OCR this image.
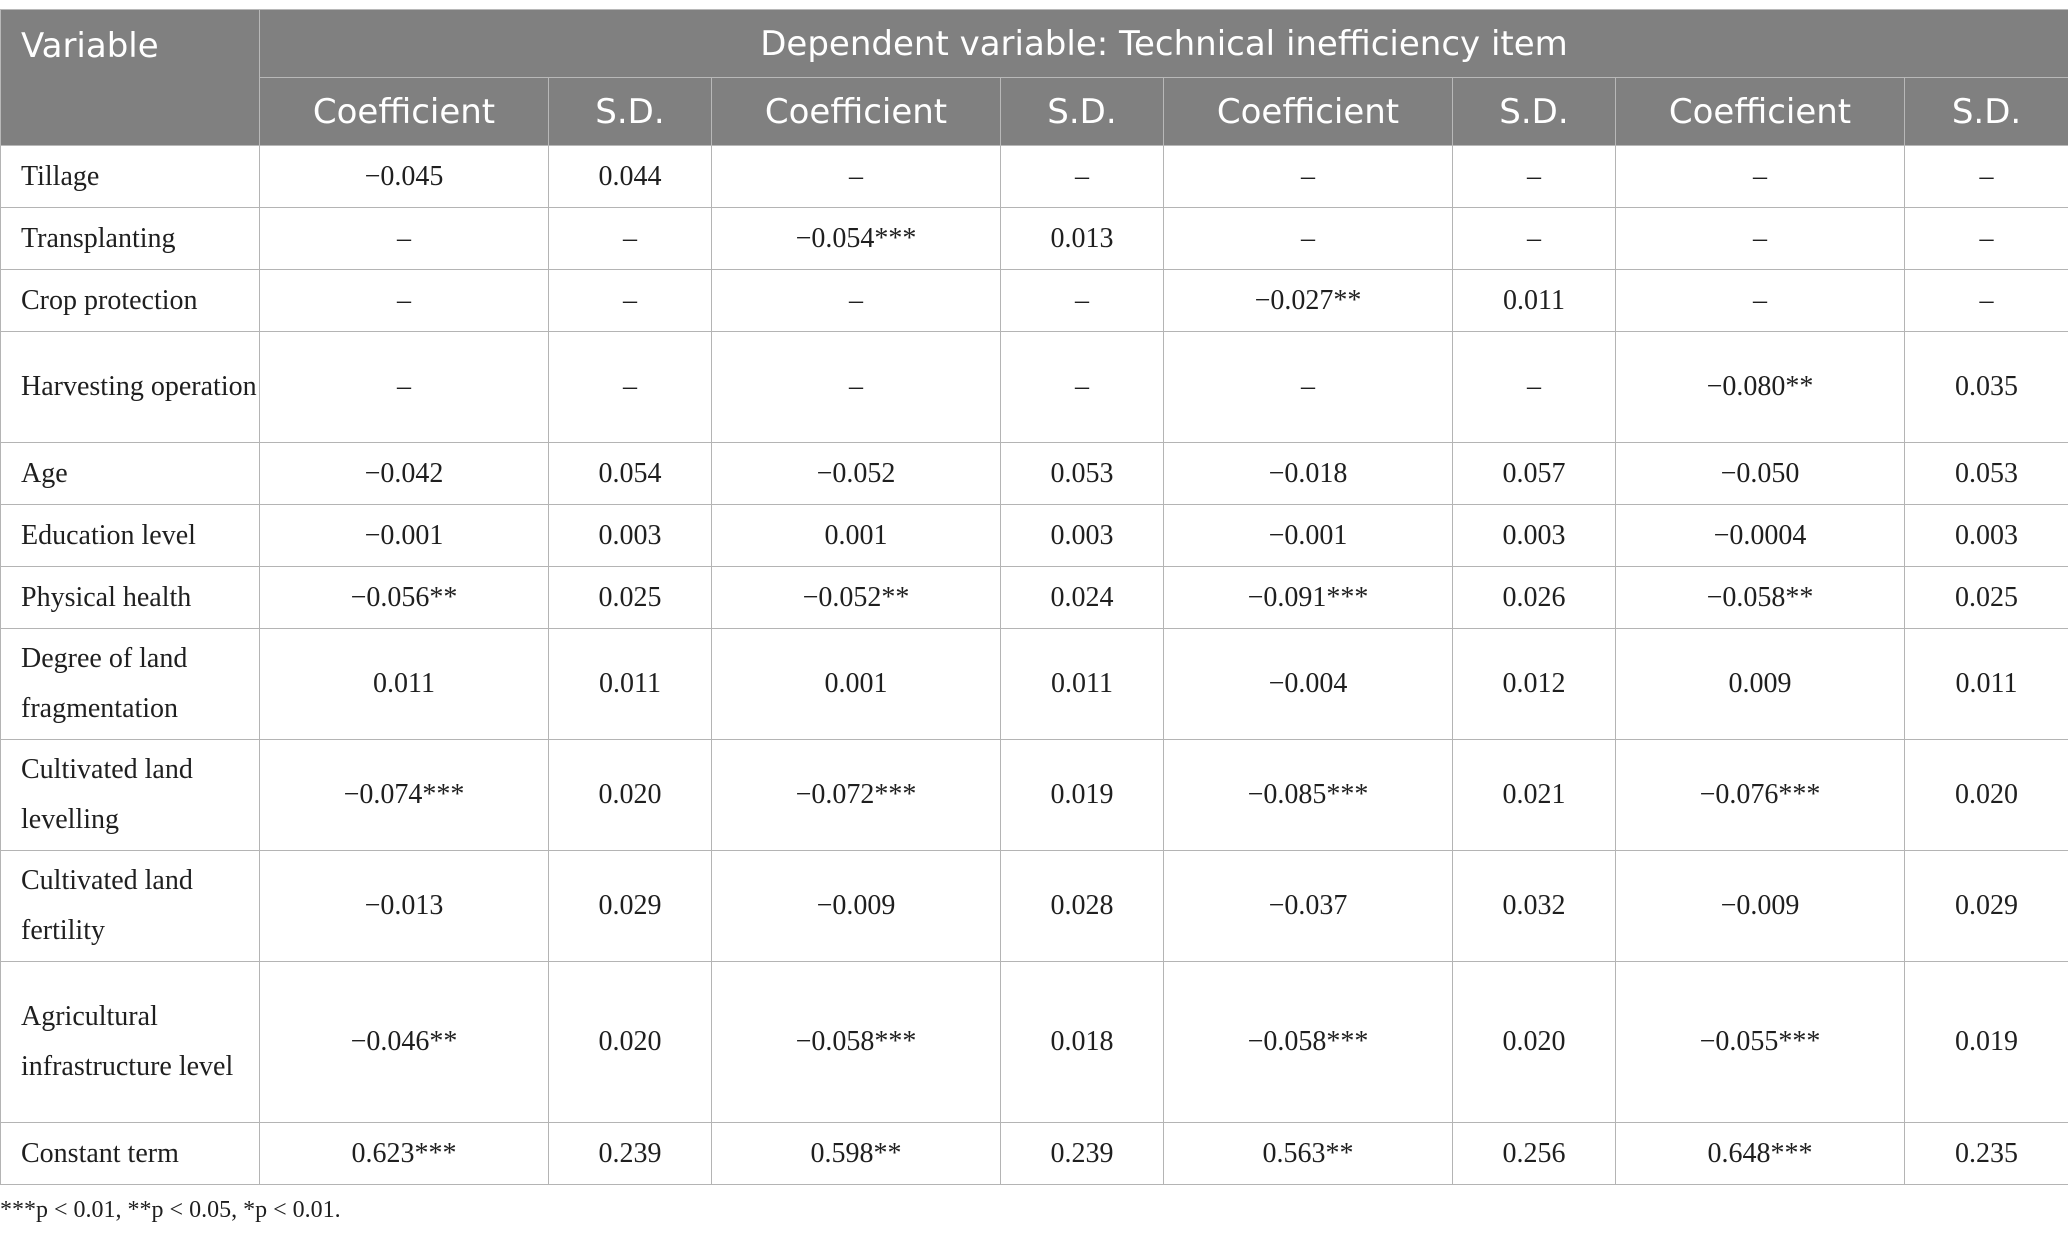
Variable	Dependent variable: Technical inefficiency item							
	Coefficient	S.D.	Coefficient	S.D.	Coefficient	S.D.	Coefficient	S.D.
Tillage	−0.045	0.044	–	–	–	–	–	–
Transplanting	–	–	−0.054***	0.013	–	–	–	–
Crop protection	–	–	–	–	−0.027**	0.011	–	–
Harvesting operation	–	–	–	–	–	–	−0.080**	0.035
Age	−0.042	0.054	−0.052	0.053	−0.018	0.057	−0.050	0.053
Education level	−0.001	0.003	0.001	0.003	−0.001	0.003	−0.0004	0.003
Physical health	−0.056**	0.025	−0.052**	0.024	−0.091***	0.026	−0.058**	0.025
Degree of land fragmentation	0.011	0.011	0.001	0.011	−0.004	0.012	0.009	0.011
Cultivated land levelling	−0.074***	0.020	−0.072***	0.019	−0.085***	0.021	−0.076***	0.020
Cultivated land fertility	−0.013	0.029	−0.009	0.028	−0.037	0.032	−0.009	0.029
Agricultural infrastructure level	−0.046**	0.020	−0.058***	0.018	−0.058***	0.020	−0.055***	0.019
Constant term	0.623***	0.239	0.598**	0.239	0.563**	0.256	0.648***	0.235
***p < 0.01, **p < 0.05, *p < 0.01.
